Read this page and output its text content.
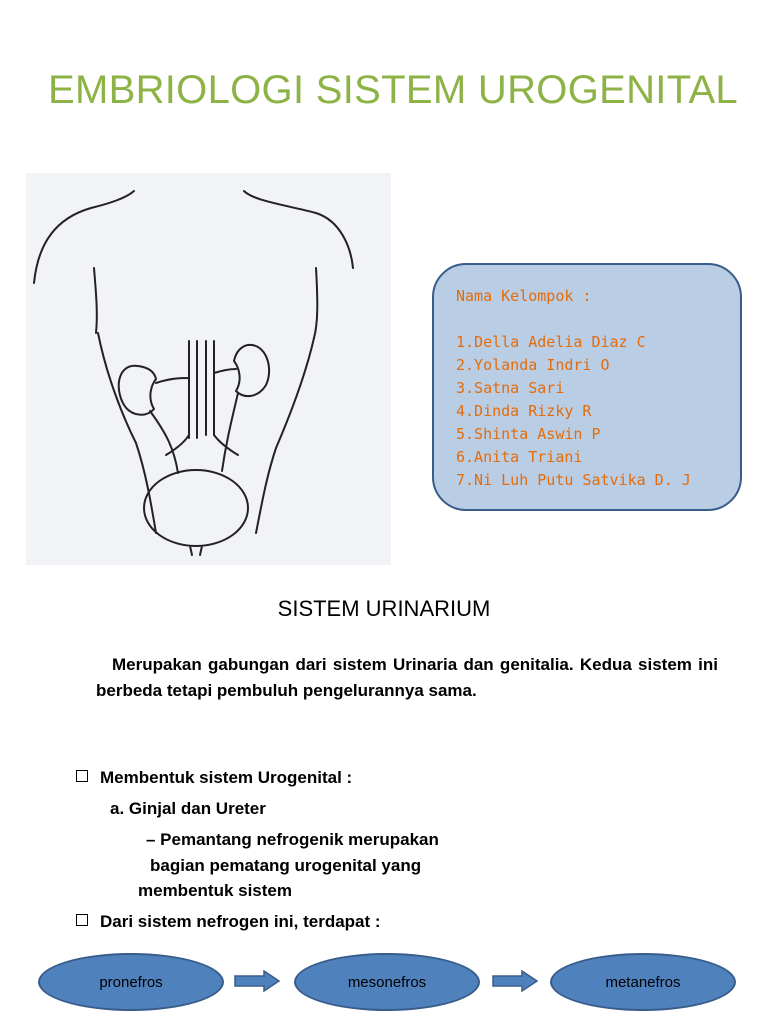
EMBRIOLOGI SISTEM UROGENITAL
Nama Kelompok :
1.Della Adelia Diaz C
2.Yolanda Indri O
3.Satna Sari
4.Dinda Rizky R
5.Shinta Aswin P
6.Anita Triani
7.Ni Luh Putu Satvika D. J
SISTEM URINARIUM
Merupakan gabungan dari sistem Urinaria dan genitalia. Kedua sistem ini berbeda tetapi pembuluh pengelurannya sama.
Membentuk sistem Urogenital :
a. Ginjal dan Ureter
– Pemantang nefrogenik merupakan
bagian pematang urogenital yang
membentuk sistem
Dari sistem nefrogen ini, terdapat :
pronefros	mesonefros	metanefros
